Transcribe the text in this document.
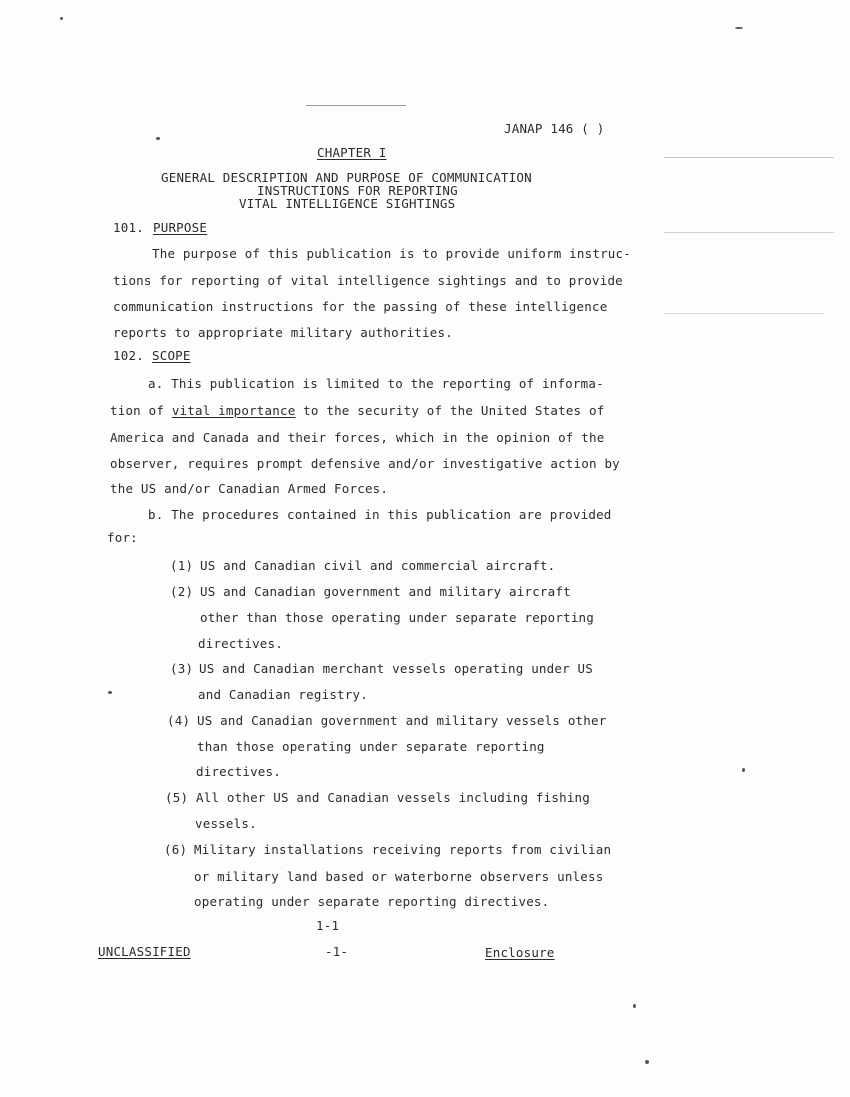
JANAP 146 ( )
CHAPTER I
GENERAL DESCRIPTION AND PURPOSE OF COMMUNICATION
INSTRUCTIONS FOR REPORTING
VITAL INTELLIGENCE SIGHTINGS
101. PURPOSE
The purpose of this publication is to provide uniform instruc-
tions for reporting of vital intelligence sightings and to provide
communication instructions for the passing of these intelligence
reports to appropriate military authorities.
102. SCOPE
a. This publication is limited to the reporting of informa-
tion of vital importance to the security of the United States of
America and Canada and their forces, which in the opinion of the
observer, requires prompt defensive and/or investigative action by
the US and/or Canadian Armed Forces.
b. The procedures contained in this publication are provided
for:
(1) US and Canadian civil and commercial aircraft.
(2) US and Canadian government and military aircraft
other than those operating under separate reporting
directives.
(3) US and Canadian merchant vessels operating under US
and Canadian registry.
(4) US and Canadian government and military vessels other
than those operating under separate reporting
directives.
(5) All other US and Canadian vessels including fishing
vessels.
(6) Military installations receiving reports from civilian
or military land based or waterborne observers unless
operating under separate reporting directives.
1-1
UNCLASSIFIED	-1-	Enclosure
